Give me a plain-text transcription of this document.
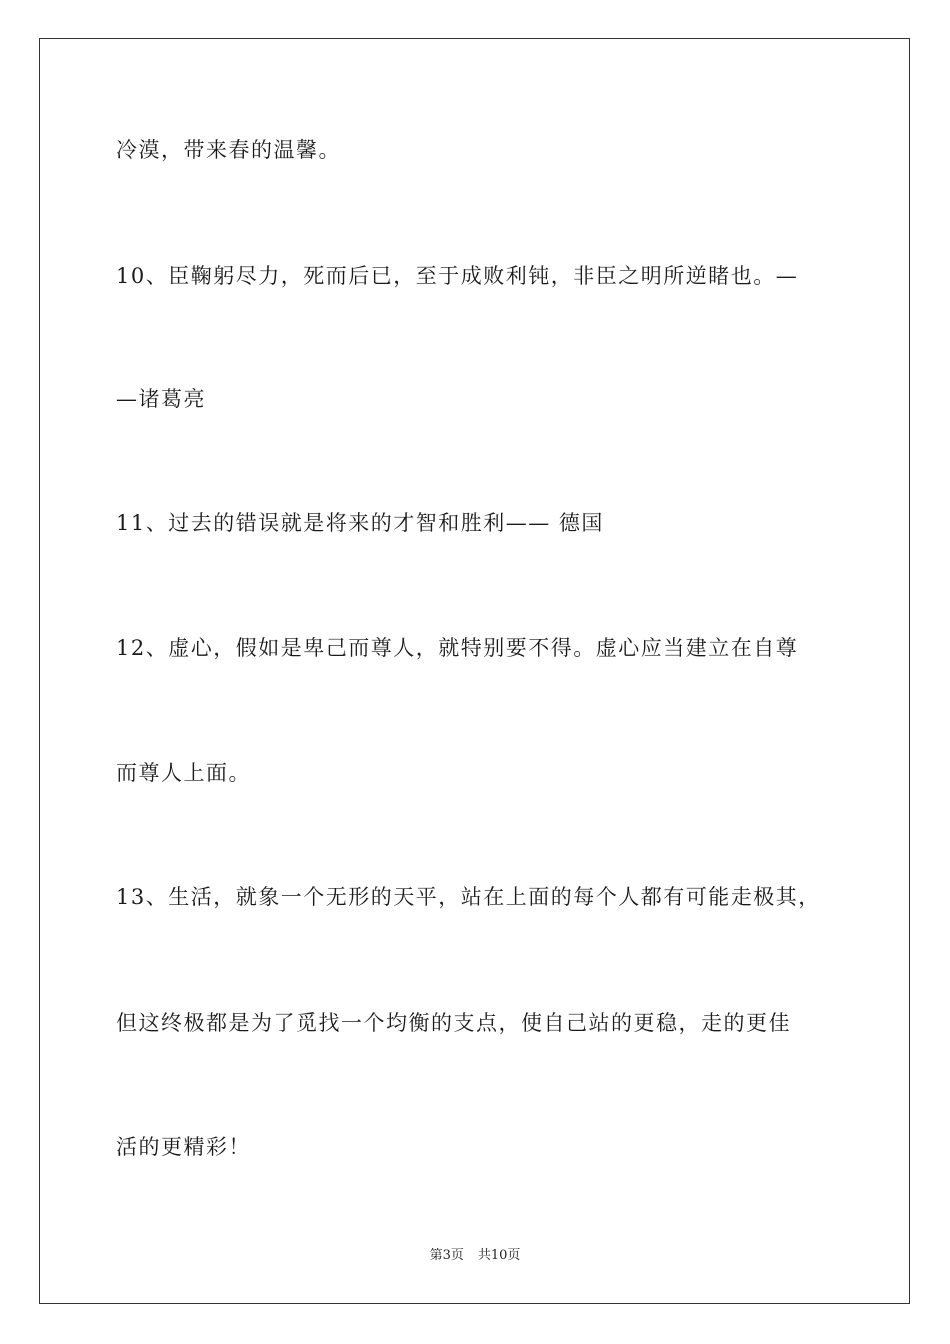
冷漠，带来春的温馨。
10、臣鞠躬尽力，死而后已，至于成败利钝，非臣之明所逆睹也。—
—诸葛亮
11、过去的错误就是将来的才智和胜利—— 德国
12、虚心，假如是卑己而尊人，就特别要不得。虚心应当建立在自尊
而尊人上面。
13、生活，就象一个无形的天平，站在上面的每个人都有可能走极其，
但这终极都是为了觅找一个均衡的支点，使自己站的更稳，走的更佳
活的更精彩！
第3页 共10页
